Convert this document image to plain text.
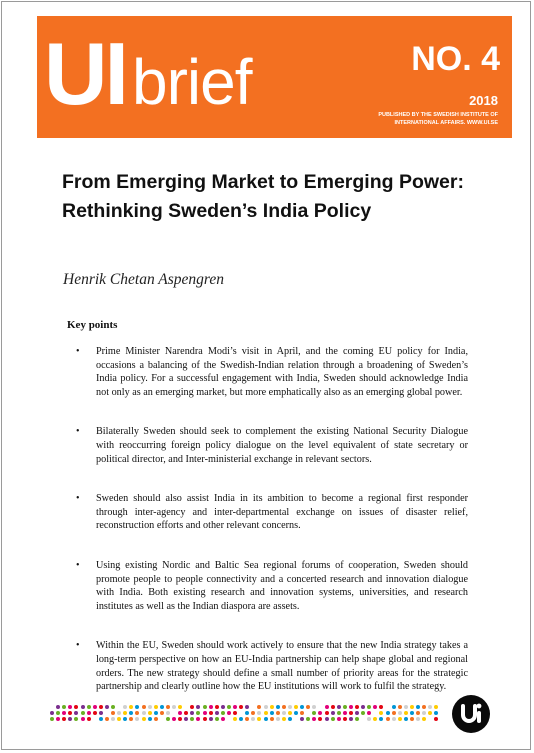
UIbrief	NO. 4
2018
PUBLISHED BY THE SWEDISH INSTITUTE OF INTERNATIONAL AFFAIRS. WWW.UI.SE
From Emerging Market to Emerging Power: Rethinking Sweden’s India Policy
Henrik Chetan Aspengren
Key points
• Prime Minister Narendra Modi’s visit in April, and the coming EU policy for India, occasions a balancing of the Swedish-Indian relation through a broadening of Sweden’s India policy. For a successful engagement with India, Sweden should acknowledge India not only as an emerging market, but more emphatically also as an emerging global power.
• Bilaterally Sweden should seek to complement the existing National Security Dialogue with reoccurring foreign policy dialogue on the level equivalent of state secretary or political director, and Inter-ministerial exchange in relevant sectors.
• Sweden should also assist India in its ambition to become a regional first responder through inter-agency and inter-departmental exchange on issues of disaster relief, reconstruction efforts and other relevant concerns.
• Using existing Nordic and Baltic Sea regional forums of cooperation, Sweden should promote people to people connectivity and a concerted research and innovation dialogue with India. Both existing research and innovation systems, universities, and research institutes as well as the Indian diaspora are assets.
• Within the EU, Sweden should work actively to ensure that the new India strategy takes a long-term perspective on how an EU-India partnership can help shape global and regional orders. The new strategy should define a small number of priority areas for the strategic partnership and clearly outline how the EU institutions will work to fulfil the strategy.
